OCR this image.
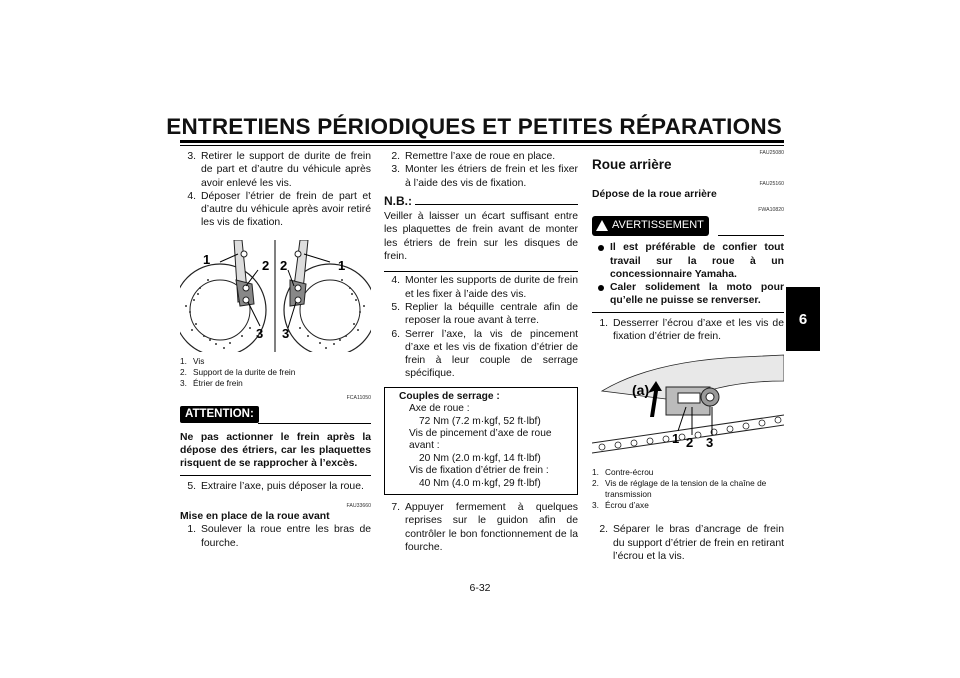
ENTRETIENS PÉRIODIQUES ET PETITES RÉPARATIONS
6
3. Retirer le support de durite de frein de part et d’autre du véhicule après avoir enlevé les vis.
4. Déposer l’étrier de frein de part et d’autre du véhicule après avoir retiré les vis de fixation.
1	2
3
2	1
3
1. Vis
2. Support de la durite de frein
3. Étrier de frein
FCA11050
ATTENTION:
Ne pas actionner le frein après la dépose des étriers, car les plaquettes risquent de se rapprocher à l’excès.
5. Extraire l’axe, puis déposer la roue.
FAU33660
Mise en place de la roue avant
1. Soulever la roue entre les bras de fourche.
2. Remettre l’axe de roue en place.
3. Monter les étriers de frein et les fixer à l’aide des vis de fixation.
N.B.:
Veiller à laisser un écart suffisant entre les plaquettes de frein avant de monter les étriers de frein sur les disques de frein.
4. Monter les supports de durite de frein et les fixer à l’aide des vis.
5. Replier la béquille centrale afin de reposer la roue avant à terre.
6. Serrer l’axe, la vis de pincement d’axe et les vis de fixation d’étrier de frein à leur couple de serrage spécifique.
Couples de serrage :
Axe de roue :
72 Nm (7.2 m·kgf, 52 ft·lbf)
Vis de pincement d’axe de roue
avant :
20 Nm (2.0 m·kgf, 14 ft·lbf)
Vis de fixation d’étrier de frein :
40 Nm (4.0 m·kgf, 29 ft·lbf)
7. Appuyer fermement à quelques reprises sur le guidon afin de contrôler le bon fonctionnement de la fourche.
FAU25080
Roue arrière
FAU25160
Dépose de la roue arrière
FWA10820
AVERTISSEMENT
Il est préférable de confier tout travail sur la roue à un concessionnaire Yamaha.
Caler solidement la moto pour qu’elle ne puisse se renverser.
1. Desserrer l’écrou d’axe et les vis de fixation d’étrier de frein.
(a)
1 2 3
1. Contre-écrou
2. Vis de réglage de la tension de la chaîne de transmission
3. Écrou d’axe
2. Séparer le bras d’ancrage de frein du support d’étrier de frein en retirant l’écrou et la vis.
6-32
